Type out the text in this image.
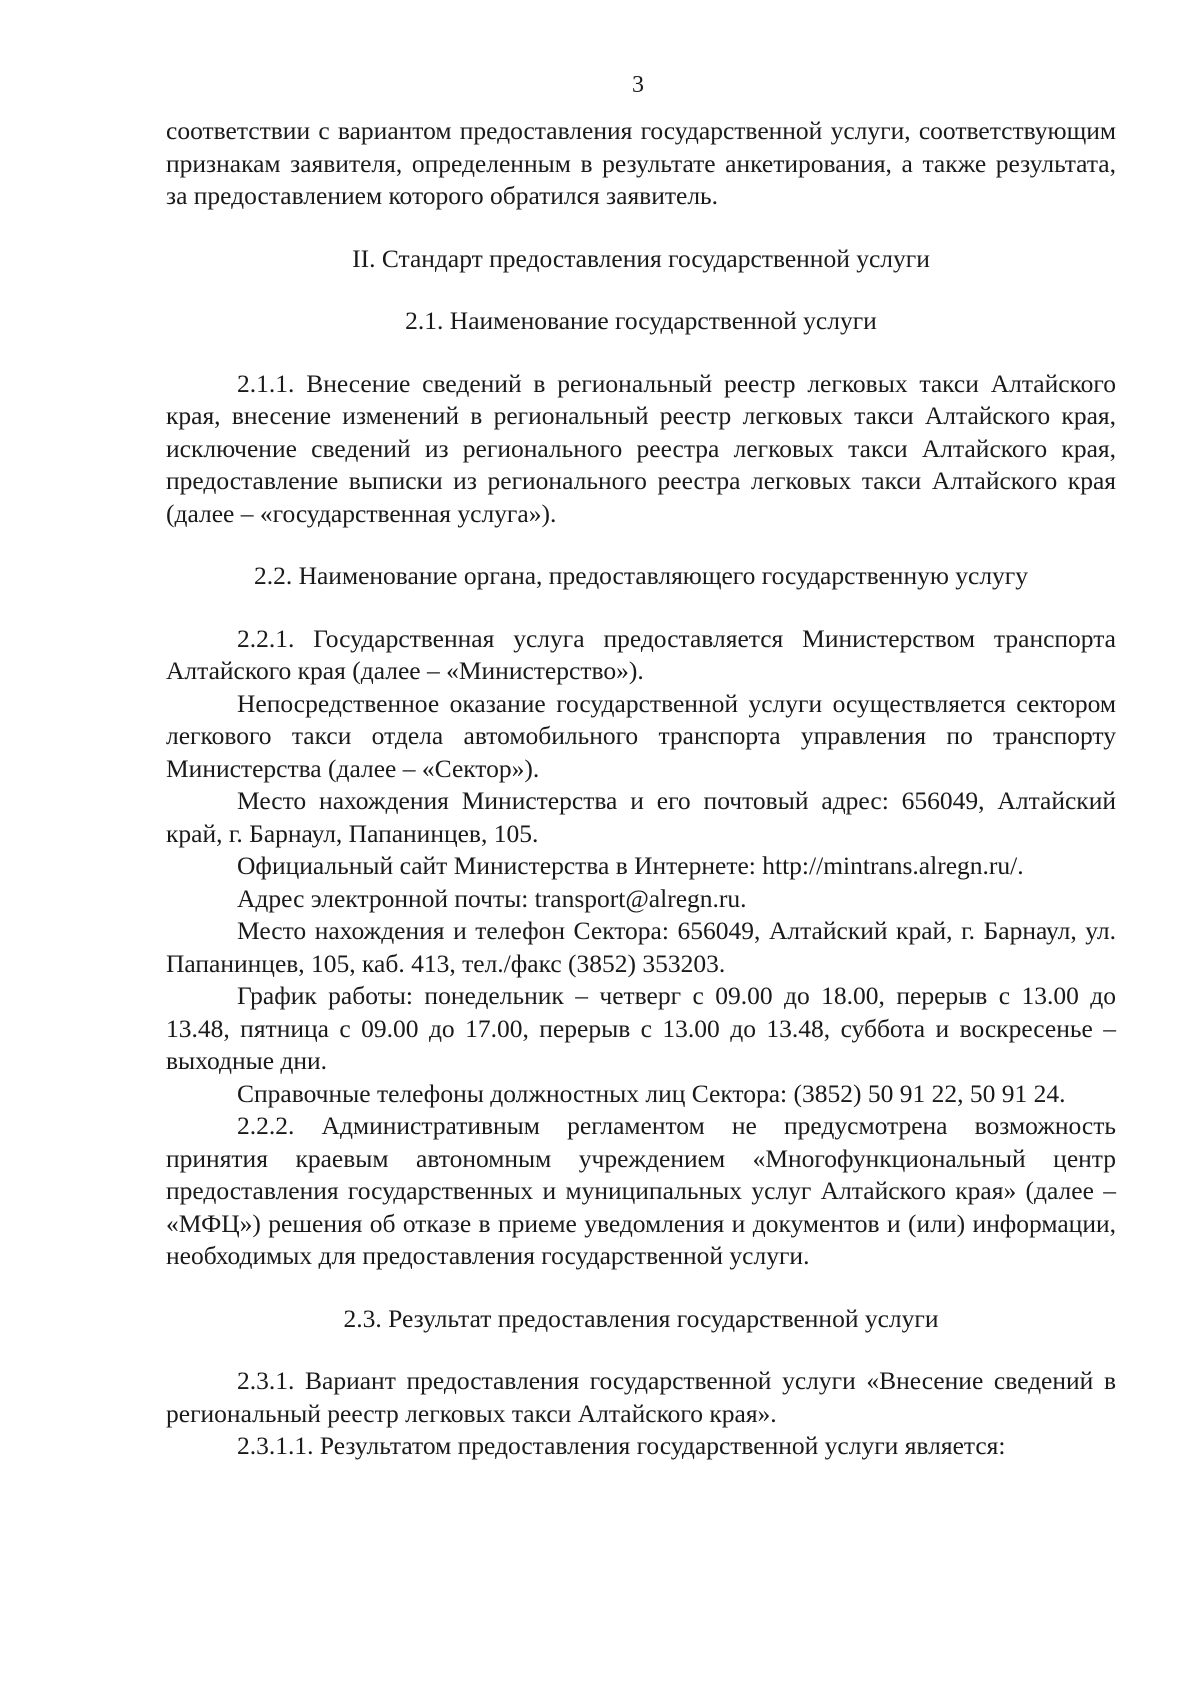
3

соответствии с вариантом предоставления государственной услуги, соответствующим признакам заявителя, определенным в результате анкетирования, а также результата, за предоставлением которого обратился заявитель.

II. Стандарт предоставления государственной услуги

2.1. Наименование государственной услуги

2.1.1. Внесение сведений в региональный реестр легковых такси Алтайского края, внесение изменений в региональный реестр легковых такси Алтайского края, исключение сведений из регионального реестра легковых такси Алтайского края, предоставление выписки из регионального реестра легковых такси Алтайского края (далее – «государственная услуга»).

2.2. Наименование органа, предоставляющего государственную услугу

2.2.1. Государственная услуга предоставляется Министерством транспорта Алтайского края (далее – «Министерство»).

Непосредственное оказание государственной услуги осуществляется сектором легкового такси отдела автомобильного транспорта управления по транспорту Министерства (далее – «Сектор»).

Место нахождения Министерства и его почтовый адрес: 656049, Алтайский край, г. Барнаул, Папанинцев, 105.

Официальный сайт Министерства в Интернете: http://mintrans.alregn.ru/.

Адрес электронной почты: transport@alregn.ru.

Место нахождения и телефон Сектора: 656049, Алтайский край, г. Барнаул, ул. Папанинцев, 105, каб. 413, тел./факс (3852) 353203.

График работы: понедельник – четверг с 09.00 до 18.00, перерыв с 13.00 до 13.48, пятница с 09.00 до 17.00, перерыв с 13.00 до 13.48, суббота и воскресенье – выходные дни.

Справочные телефоны должностных лиц Сектора: (3852) 50 91 22, 50 91 24.

2.2.2. Административным регламентом не предусмотрена возможность принятия краевым автономным учреждением «Многофункциональный центр предоставления государственных и муниципальных услуг Алтайского края» (далее – «МФЦ») решения об отказе в приеме уведомления и документов и (или) информации, необходимых для предоставления государственной услуги.

2.3. Результат предоставления государственной услуги

2.3.1. Вариант предоставления государственной услуги «Внесение сведений в региональный реестр легковых такси Алтайского края».

2.3.1.1. Результатом предоставления государственной услуги является:
